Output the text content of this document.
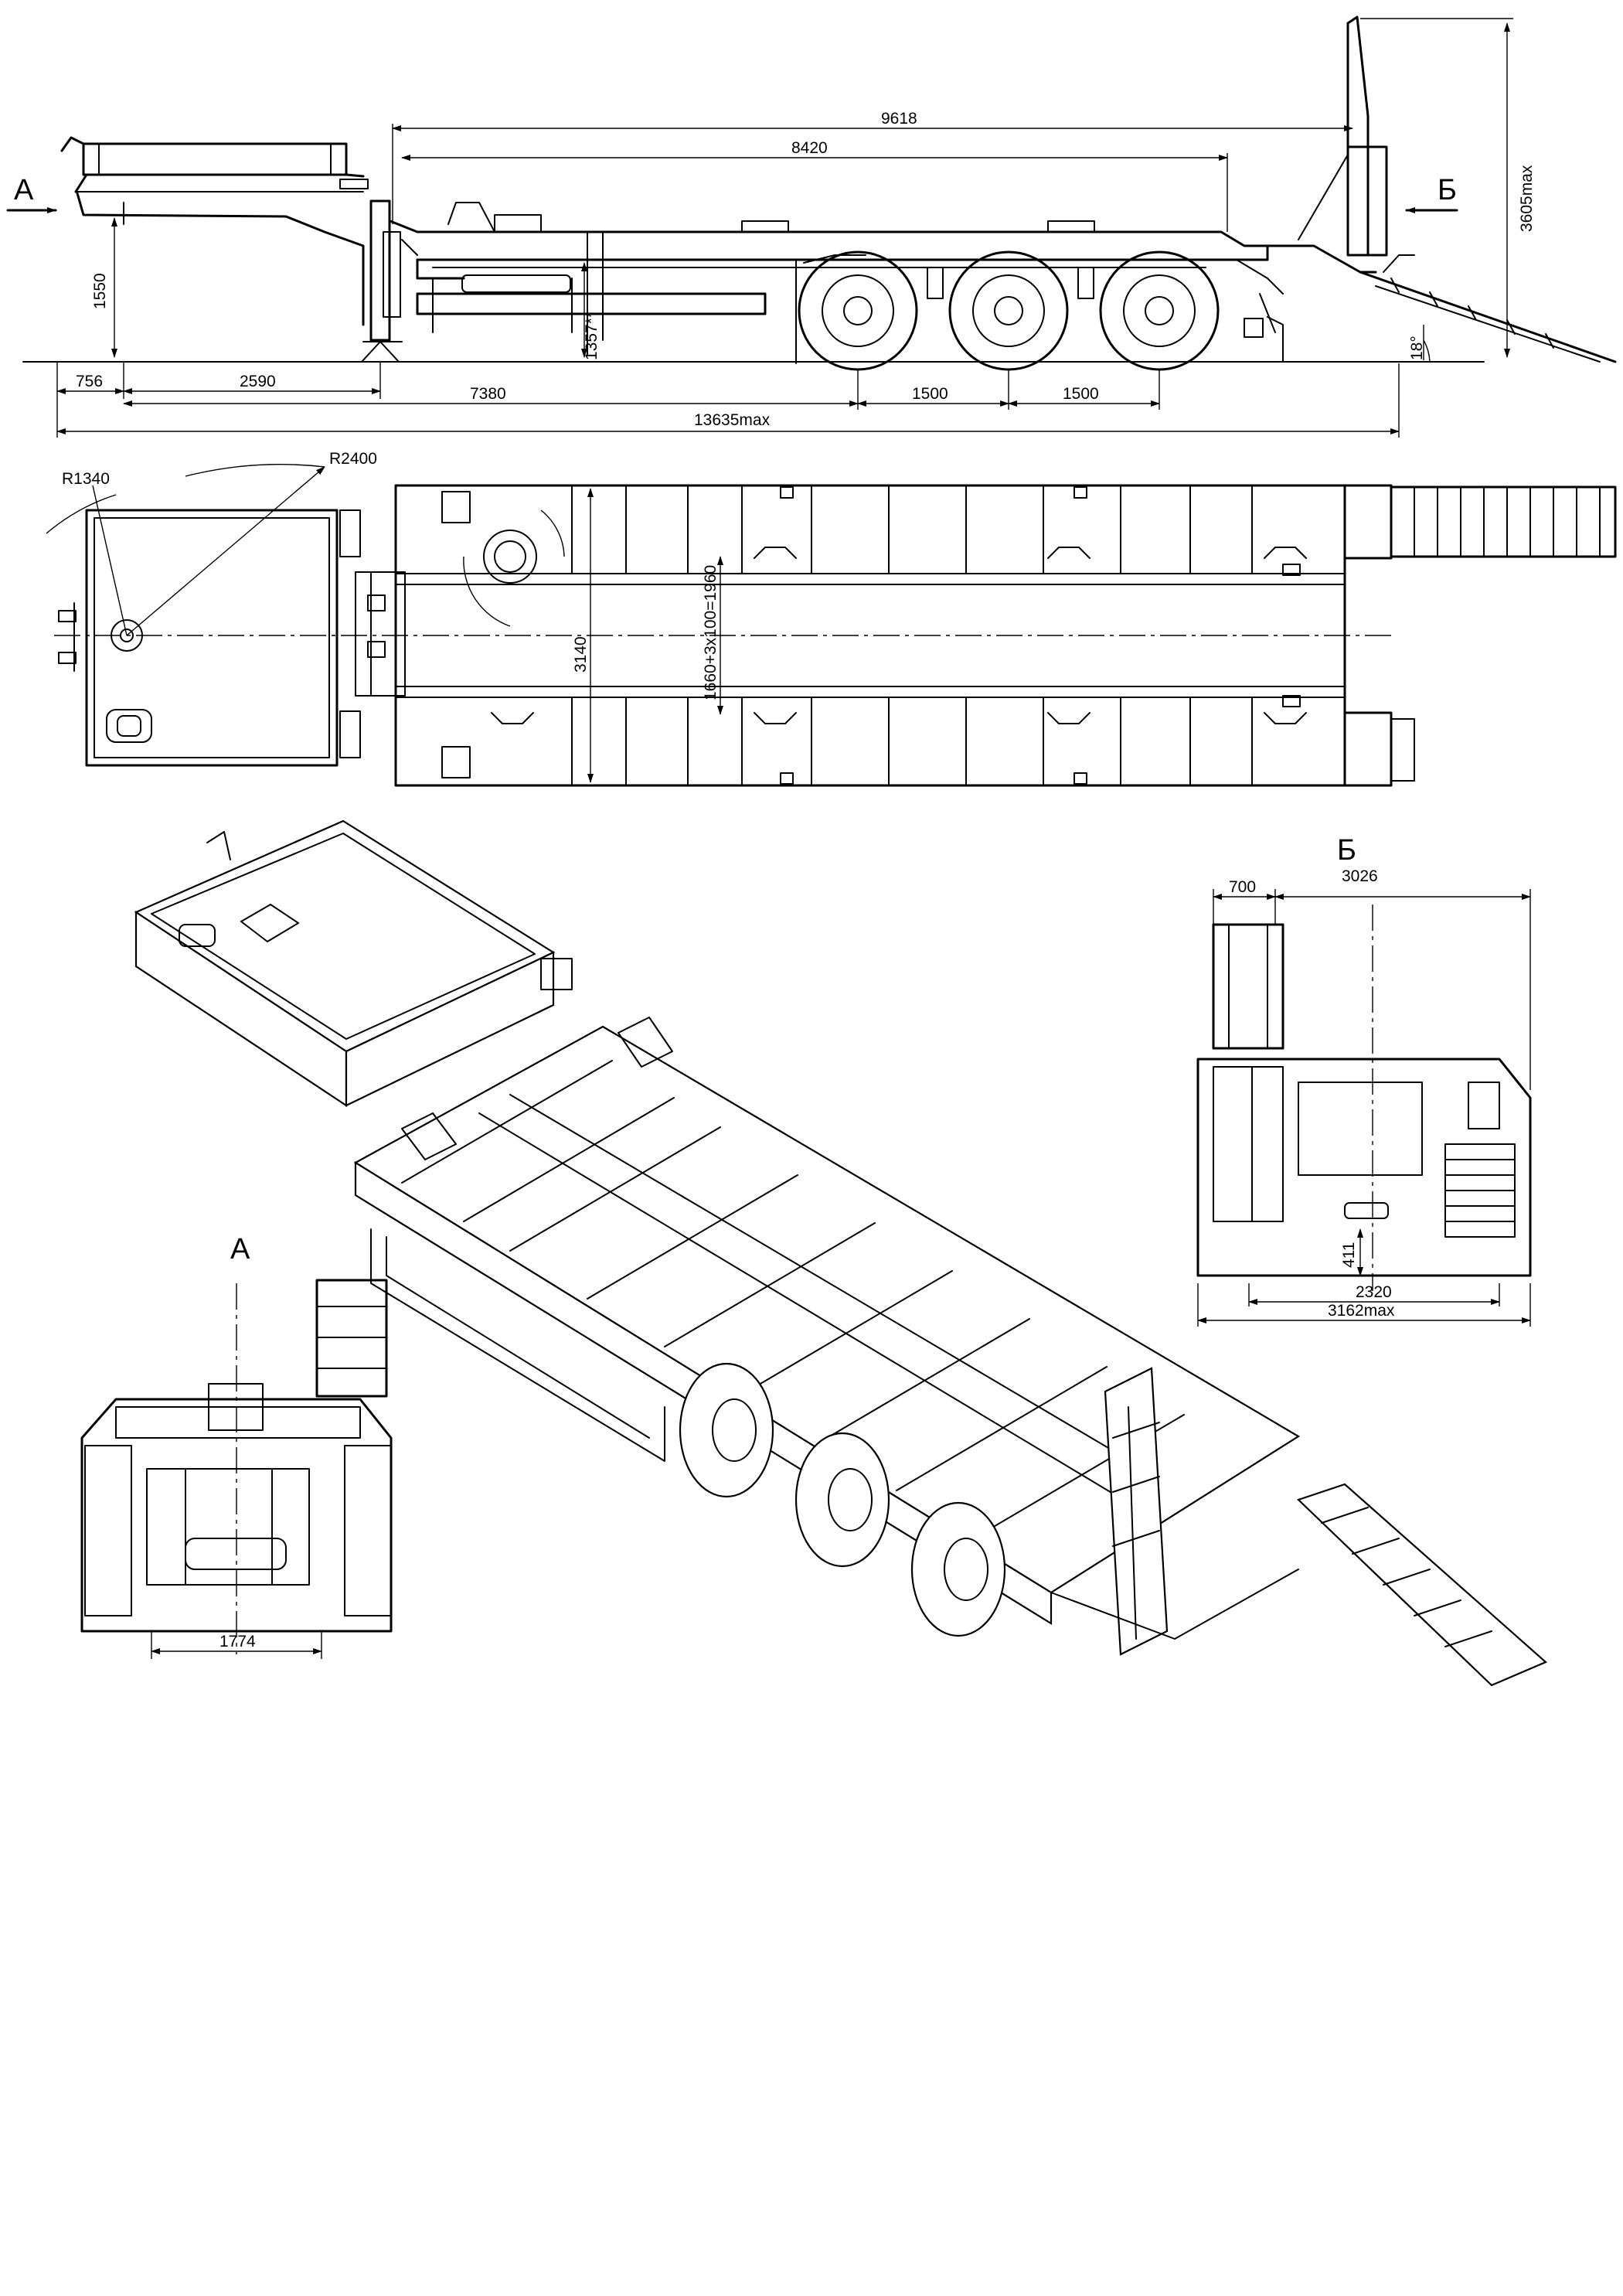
А	Б
9618
8420
3605max
1550
1357**	18°
756	2590
7380	1500	1500
13635max
R1340
R2400
3140	1660+3x100=1960
Б
700
3026
2320
3162max
411
А
1774
